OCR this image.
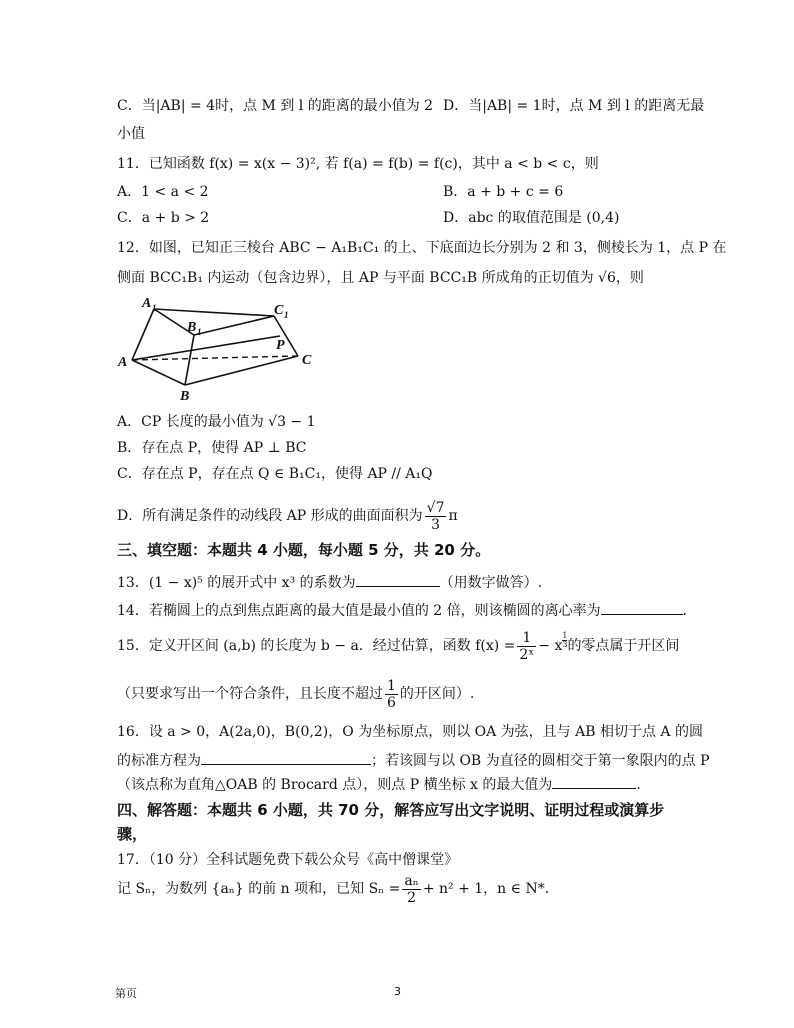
C．当|AB| = 4时，点 M 到 l 的距离的最小值为 2 D．当|AB| = 1时，点 M 到 l 的距离无最
小值
11．已知函数 f(x) = x(x − 3)², 若 f(a) = f(b) = f(c)，其中 a < b < c，则
A．1 < a < 2	B．a + b + c = 6
C．a + b > 2	D．abc 的取值范围是 (0,4)
12．如图，已知正三棱台 ABC − A₁B₁C₁ 的上、下底面边长分别为 2 和 3，侧棱长为 1，点 P 在
侧面 BCC₁B₁ 内运动（包含边界），且 AP 与平面 BCC₁B 所成角的正切值为 √6，则
A 1
B 1
C 1
A
B
C
P
A．CP 长度的最小值为 √3 − 1
B．存在点 P，使得 AP ⊥ BC
C．存在点 P，存在点 Q ∈ B₁C₁，使得 AP // A₁Q
D．所有满足条件的动线段 AP 形成的曲面面积为 $\frac{√7}{3}$ π
三、填空题：本题共 4 小题，每小题 5 分，共 20 分。
13．(1 − x)⁵ 的展开式中 x³ 的系数为	（用数字做答）.
14．若椭圆上的点到焦点距离的最大值是最小值的 2 倍，则该椭圆的离心率为	.
15．定义开区间 (a,b) 的长度为 b − a．经过估算，函数 $f(x) = \frac{1}{\text{2ˣ}} - x \frac{1}{3}$ 的零点属于开区间
（只要求写出一个符合条件，且长度不超过 $\frac{1}{6}$ 的开区间）.
16．设 a > 0，A(2a,0)，B(0,2)，O 为坐标原点，则以 OA 为弦，且与 AB 相切于点 A 的圆
的标准方程为	；若该圆与以 OB 为直径的圆相交于第一象限内的点 P
（该点称为直角△OAB 的 Brocard 点），则点 P 横坐标 x 的最大值为	.
四、解答题：本题共 6 小题，共 70 分，解答应写出文字说明、证明过程或演算步
骤，
17．（10 分）全科试题免费下载公众号《高中僧课堂》
记 Sₙ，为数列 {aₙ} 的前 n 项和，已知 $S_n = \frac{\text{aₙ}}{2} + n^2 + 1$，n ∈ N*．
第页	3
